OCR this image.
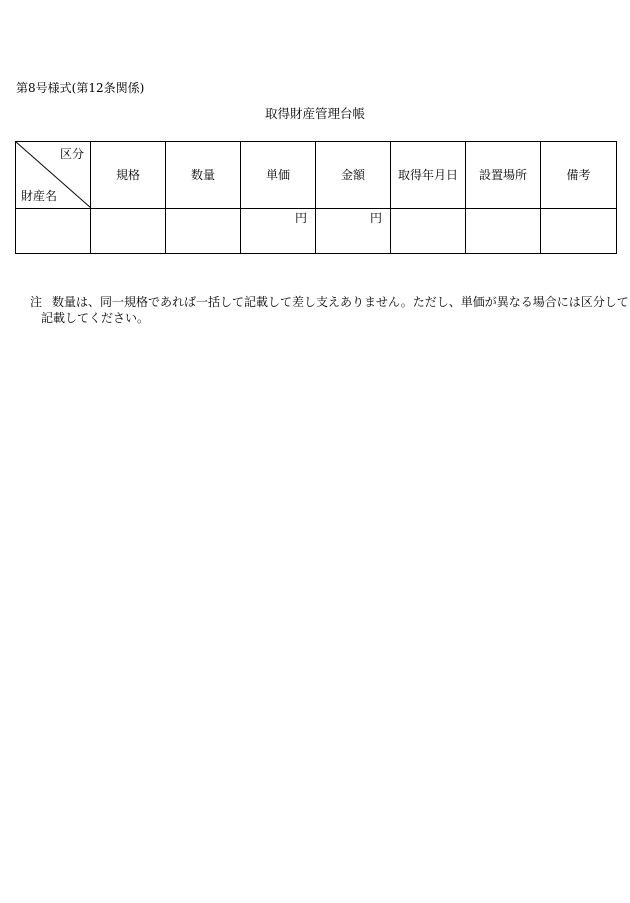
第8号様式(第12条関係)
取得財産管理台帳
区分
財産名	規格	数量	単価	金額	取得年月日	設置場所	備考
			円	円			
注 数量は、同一規格であれば一括して記載して差し支えありません。ただし、単価が異なる場合には区分して
記載してください。
